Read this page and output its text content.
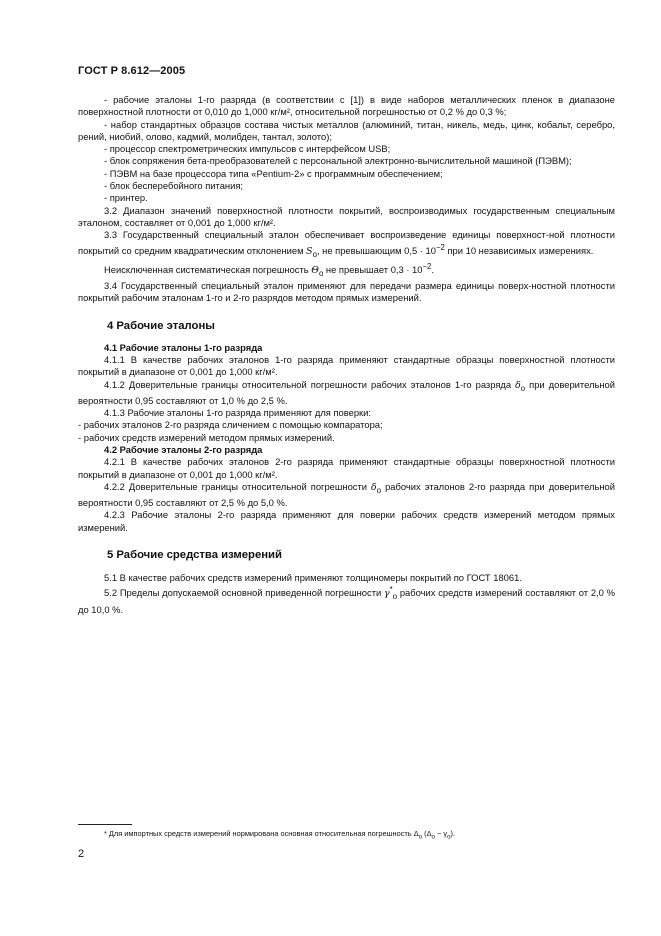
ГОСТ Р 8.612—2005

- рабочие эталоны 1-го разряда (в соответствии с [1]) в виде наборов металлических пленок в диапазоне поверхностной плотности от 0,010 до 1,000 кг/м², относительной погрешностью от 0,2 % до 0,3 %;

- набор стандартных образцов состава чистых металлов (алюминий, титан, никель, медь, цинк, кобальт, серебро, рений, ниобий, олово, кадмий, молибден, тантал, золото);

- процессор спектрометрических импульсов с интерфейсом USB;

- блок сопряжения бета-преобразователей с персональной электронно-вычислительной машиной (ПЭВМ);

- ПЭВМ на базе процессора типа «Pentium-2» с программным обеспечением;

- блок бесперебойного питания;

- принтер.

3.2 Диапазон значений поверхностной плотности покрытий, воспроизводимых государственным специальным эталоном, составляет от 0,001 до 1,000 кг/м².

3.3 Государственный специальный эталон обеспечивает воспроизведение единицы поверхност-ной плотности покрытий со средним квадратическим отклонением $S_o$, не превышающим $0,5 \cdot 10^{-2}$ при 10 независимых измерениях.

Неисключенная систематическая погрешность $\Theta_o$ не превышает $0,3 \cdot 10^{-2}$.

3.4 Государственный специальный эталон применяют для передачи размера единицы поверх-ностной плотности покрытий рабочим эталонам 1-го и 2-го разрядов методом прямых измерений.

4 Рабочие эталоны

4.1 Рабочие эталоны 1-го разряда

4.1.1 В качестве рабочих эталонов 1-го разряда применяют стандартные образцы поверхностной плотности покрытий в диапазоне от 0,001 до 1,000 кг/м².

4.1.2 Доверительные границы относительной погрешности рабочих эталонов 1-го разряда $\delta_o$ при доверительной вероятности 0,95 составляют от 1,0 % до 2,5 %.

4.1.3 Рабочие эталоны 1-го разряда применяют для поверки:

- рабочих эталонов 2-го разряда сличением с помощью компаратора;

- рабочих средств измерений методом прямых измерений.

4.2 Рабочие эталоны 2-го разряда

4.2.1 В качестве рабочих эталонов 2-го разряда применяют стандартные образцы поверхностной плотности покрытий в диапазоне от 0,001 до 1,000 кг/м².

4.2.2 Доверительные границы относительной погрешности $\delta_o$ рабочих эталонов 2-го разряда при доверительной вероятности 0,95 составляют от 2,5 % до 5,0 %.

4.2.3 Рабочие эталоны 2-го разряда применяют для поверки рабочих средств измерений методом прямых измерений.

5 Рабочие средства измерений

5.1 В качестве рабочих средств измерений применяют толщиномеры покрытий по ГОСТ 18061.

5.2 Пределы допускаемой основной приведенной погрешности $\gamma^*_o$ рабочих средств измерений составляют от 2,0 % до 10,0 %.

* Для импортных средств измерений нормирована основная относительная погрешность $\Delta_o$ ($\Delta_o$ ~ $\gamma_o$).
2
